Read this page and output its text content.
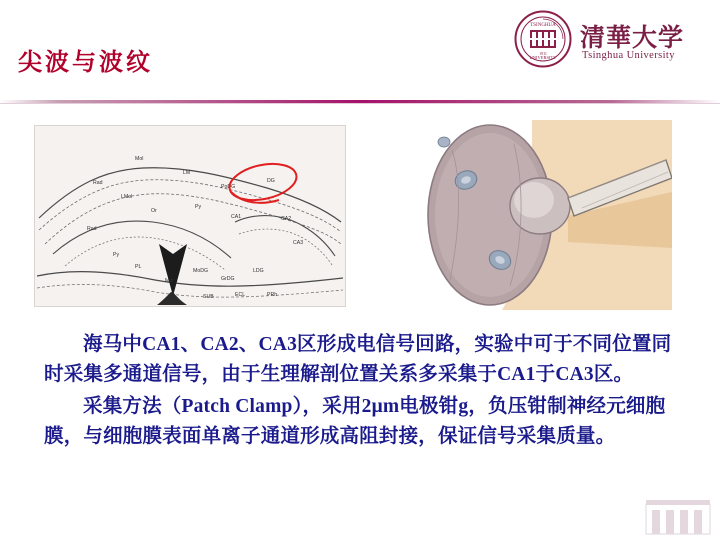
尖波与波纹
TSINGHUA
UNIVERSITY
1911
清華大学
Tsinghua University
Rad
Mol
LM
PoDG
DG
LMol
Or
Py
CA1	CA2
CA3
Rad
Py
PL
Mol
MoDG
GrDG
LDG
ECL
SUB	PRh

海马中CA1、CA2、CA3区形成电信号回路，实验中可于不同位置同时采集多通道信号，由于生理解剖位置关系多采集于CA1于CA3区。

采集方法（Patch Clamp），采用2μm电极钳g，负压钳制神经元细胞膜，与细胞膜表面单离子通道形成高阻封接，保证信号采集质量。
